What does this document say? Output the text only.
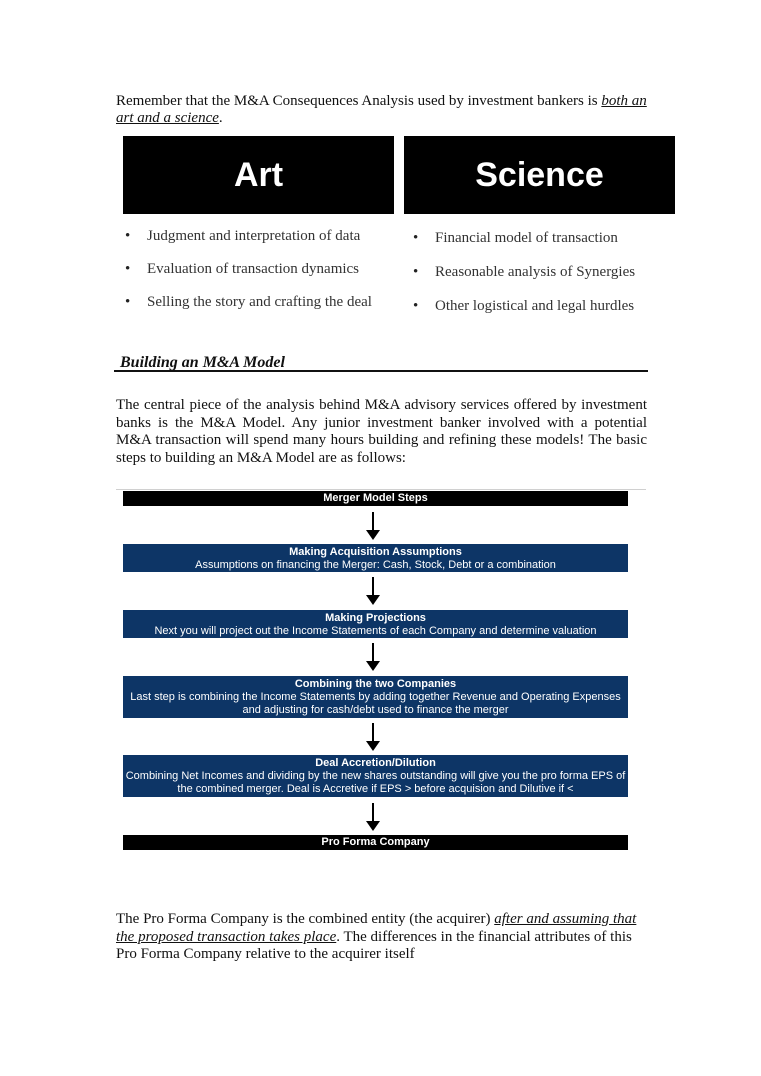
Remember that the M&A Consequences Analysis used by investment bankers is both an art and a science.

Art	Science
• Judgment and interpretation of data
• Evaluation of transaction dynamics
• Selling the story and crafting the deal
• Financial model of transaction
• Reasonable analysis of Synergies
• Other logistical and legal hurdles
Building an M&A Model

The central piece of the analysis behind M&A advisory services offered by investment banks is the M&A Model. Any junior investment banker involved with a potential M&A transaction will spend many hours building and refining these models! The basic steps to building an M&A Model are as follows:

Merger Model Steps
Making Acquisition Assumptions
Assumptions on financing the Merger: Cash, Stock, Debt or a combination
Making Projections
Next you will project out the Income Statements of each Company and determine valuation
Combining the two Companies
Last step is combining the Income Statements by adding together Revenue and Operating Expenses and adjusting for cash/debt used to finance the merger
Deal Accretion/Dilution
Combining Net Incomes and dividing by the new shares outstanding will give you the pro forma EPS of the combined merger. Deal is Accretive if EPS > before acquision and Dilutive if <
Pro Forma Company

The Pro Forma Company is the combined entity (the acquirer) after and assuming that the proposed transaction takes place. The differences in the financial attributes of this Pro Forma Company relative to the acquirer itself
